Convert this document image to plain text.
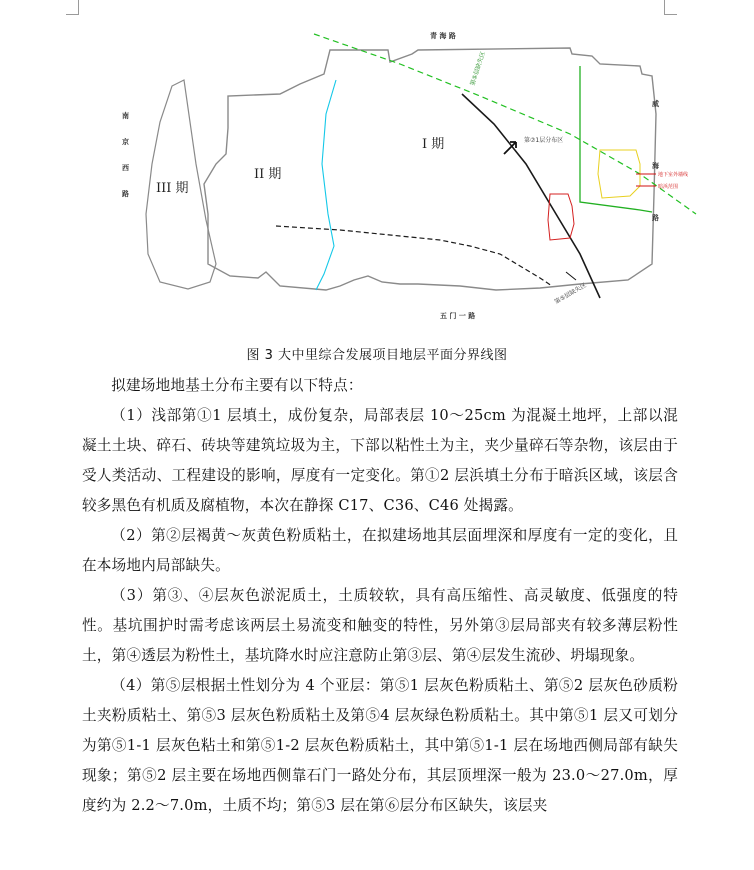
青 海 路
五 门 一 路
南
京
西
路
威
海
路
I 期
II 期
III 期
第⑦1层分布区
第⑤层缺失区
第⑤层缺失区
地下室外墙线
暗浜范围
图 3 大中里综合发展项目地层平面分界线图

拟建场地地基土分布主要有以下特点：

（1）浅部第①1 层填土，成份复杂，局部表层 10～25cm 为混凝土地坪，上部以混凝土土块、碎石、砖块等建筑垃圾为主，下部以粘性土为主，夹少量碎石等杂物，该层由于受人类活动、工程建设的影响，厚度有一定变化。第①2 层浜填土分布于暗浜区域，该层含较多黑色有机质及腐植物，本次在静探 C17、C36、C46 处揭露。

（2）第②层褐黄～灰黄色粉质粘土，在拟建场地其层面埋深和厚度有一定的变化，且在本场地内局部缺失。

（3）第③、④层灰色淤泥质土，土质较软，具有高压缩性、高灵敏度、低强度的特性。基坑围护时需考虑该两层土易流变和触变的特性，另外第③层局部夹有较多薄层粉性土，第④透层为粉性土，基坑降水时应注意防止第③层、第④层发生流砂、坍塌现象。

（4）第⑤层根据土性划分为 4 个亚层：第⑤1 层灰色粉质粘土、第⑤2 层灰色砂质粉土夹粉质粘土、第⑤3 层灰色粉质粘土及第⑤4 层灰绿色粉质粘土。其中第⑤1 层又可划分为第⑤1-1 层灰色粘土和第⑤1-2 层灰色粉质粘土，其中第⑤1-1 层在场地西侧局部有缺失现象；第⑤2 层主要在场地西侧靠石门一路处分布，其层顶埋深一般为 23.0～27.0m，厚度约为 2.2～7.0m，土质不均；第⑤3 层在第⑥层分布区缺失，该层夹
